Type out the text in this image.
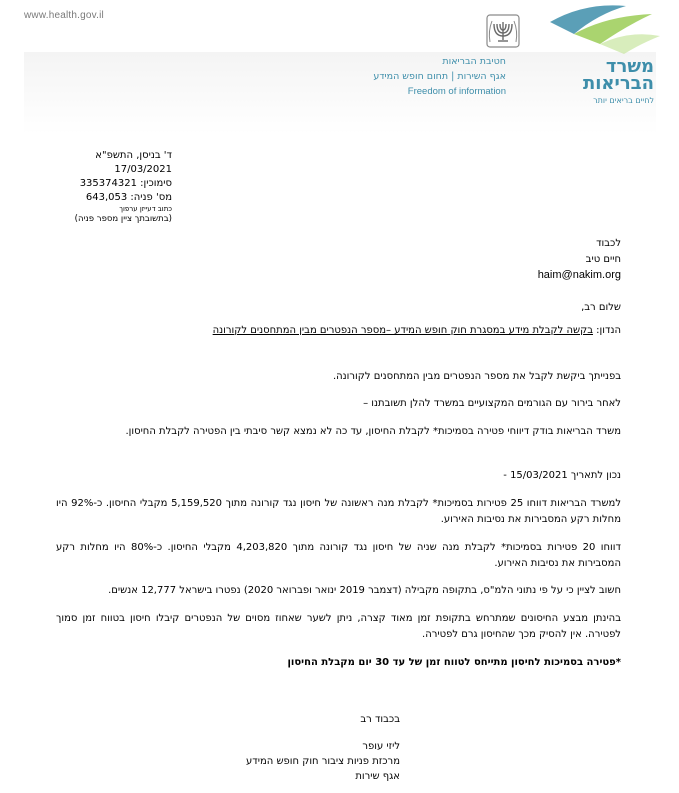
www.health.gov.il
משרד
הבריאות
לחיים בריאים יותר
חטיבת הבריאות
אגף השירות | תחום חופש המידע
Freedom of information
ד' בניסן, התשפ"א
17/03/2021
סימוכין: 335374321
מס' פניה: 643,053
כתוב דעייזן ערפוך
(בתשובתך ציין מספר פניה)
לכבוד
חיים טיב
haim@nakim.org
שלום רב,
הנדון: בקשה לקבלת מידע במסגרת חוק חופש המידע –מספר הנפטרים מבין המתחסנים לקורונה
בפנייתך ביקשת לקבל את מספר הנפטרים מבין המתחסנים לקורונה.
לאחר בירור עם הגורמים המקצועיים במשרד להלן תשובתנו –
משרד הבריאות בודק דיווחי פטירה בסמיכות* לקבלת החיסון, עד כה לא נמצא קשר סיבתי בין הפטירה לקבלת החיסון.
נכון לתאריך 15/03/2021 -
למשרד הבריאות דווחו 25 פטירות בסמיכות* לקבלת מנה ראשונה של חיסון נגד קורונה מתוך 5,159,520 מקבלי החיסון. כ-92% היו מחלות רקע המסבירות את נסיבות האירוע.
דווחו 20 פטירות בסמיכות* לקבלת מנה שניה של חיסון נגד קורונה מתוך 4,203,820 מקבלי החיסון. כ-80% היו מחלות רקע המסבירות את נסיבות האירוע.
חשוב לציין כי על פי נתוני הלמ"ס, בתקופה מקבילה (דצמבר 2019 ינואר ופברואר 2020) נפטרו בישראל 12,777 אנשים.
בהינתן מבצע החיסונים שמתרחש בתקופת זמן מאוד קצרה, ניתן לשער שאחוז מסוים של הנפטרים קיבלו חיסון בטווח זמן סמוך לפטירה. אין להסיק מכך שהחיסון גרם לפטירה.
*פטירה בסמיכות לחיסון מתייחס לטווח זמן של עד 30 יום מקבלת החיסון
בכבוד רב
ליזי עופר
מרכזת פניות ציבור חוק חופש המידע
אגף שירות
